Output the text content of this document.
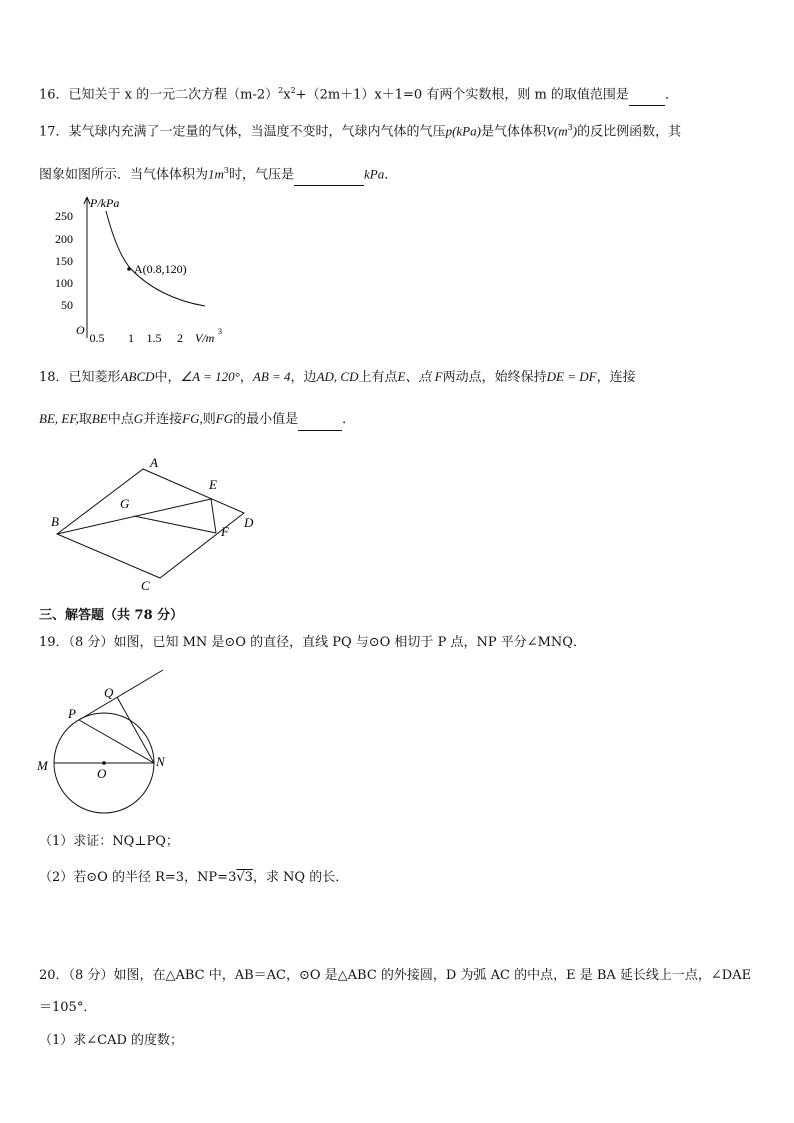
16．已知关于 x 的一元二次方程$(m-2)^2x^2+(2m+1)x+1=0$ 有两个实数根，则 m 的取值范围是	．
17．某气球内充满了一定量的气体，当温度不变时，气球内气体的气压p(kPa)是气体体积$V(m^3)$的反比例函数，其
图象如图所示．当气体体积为$1m^3$时，气压是	kPa．
P/kPa
250
200
150
100
50
O
0.5 1 1.5 2 V/m 3
A(0.8,120)
18．已知菱形ABCD中，∠A = 120°，AB = 4，边AD, CD上有点E、点 F两动点，始终保持DE = DF，连接
BE, EF,取BE中点G并连接FG,则FG的最小值是	．
A
B
C
D
E
F
G
三、解答题（共 78 分）
19．（8 分）如图，已知 MN 是⊙O 的直径，直线 PQ 与⊙O 相切于 P 点，NP 平分∠MNQ．
Q
P
M
O
N
（1）求证：NQ⊥PQ；
（2）若⊙O 的半径 R=3，NP=3√3，求 NQ 的长．
20．（8 分）如图，在△ABC 中，AB＝AC，⊙O 是△ABC 的外接圆，D 为弧 AC 的中点，E 是 BA 延长线上一点，∠DAE
＝105°．
（1）求∠CAD 的度数；
